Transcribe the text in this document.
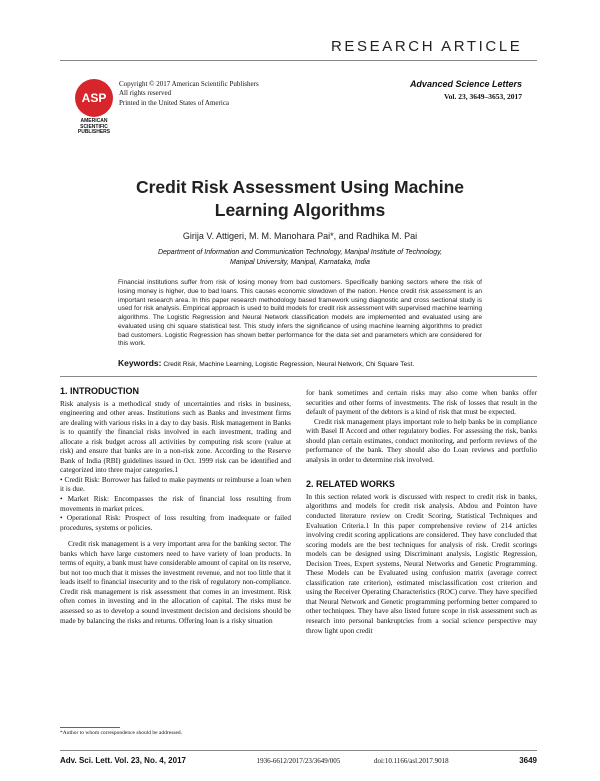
RESEARCH ARTICLE
ASP
AMERICAN
SCIENTIFIC
PUBLISHERS
Copyright © 2017 American Scientific Publishers
All rights reserved
Printed in the United States of America
Advanced Science Letters
Vol. 23, 3649–3653, 2017
Credit Risk Assessment Using Machine
Learning Algorithms
Girija V. Attigeri, M. M. Manohara Pai*, and Radhika M. Pai
Department of Information and Communication Technology, Manipal Institute of Technology,
Manipal University, Manipal, Karnataka, India
Financial institutions suffer from risk of losing money from bad customers. Specifically banking sectors where the risk of losing money is higher, due to bad loans. This causes economic slowdown of the nation. Hence credit risk assessment is an important research area. In this paper research methodology based framework using diagnostic and cross sectional study is used for risk analysis. Empirical approach is used to build models for credit risk assessment with supervised machine learning algorithms. The Logistic Regression and Neural Network classification models are implemented and evaluated using are evaluated using chi square statistical test. This study infers the significance of using machine learning algorithms to predict bad customers. Logistic Regression has shown better performance for the data set and parameters which are considered for this work.
Keywords: Credit Risk, Machine Learning, Logistic Regression, Neural Network, Chi Square Test.
1. INTRODUCTION

Risk analysis is a methodical study of uncertainties and risks in business, engineering and other areas. Institutions such as Banks and investment firms are dealing with various risks in a day to day basis. Risk management in Banks is to quantify the financial risks involved in each investment, trading and allocate a risk budget across all activities by computing risk score (value at risk) and ensure that banks are in a non-risk zone. According to the Reserve Bank of India (RBI) guidelines issued in Oct. 1999 risk can be identified and categorized into three major categories.1

• Credit Risk: Borrower has failed to make payments or reimburse a loan when it is due.

• Market Risk: Encompasses the risk of financial loss resulting from movements in market prices.

• Operational Risk: Prospect of loss resulting from inadequate or failed procedures, systems or policies.

Credit risk management is a very important area for the banking sector. The banks which have large customers need to have variety of loan products. In terms of equity, a bank must have considerable amount of capital on its reserve, but not too much that it misses the investment revenue, and not too little that it leads itself to financial insecurity and to the risk of regulatory non-compliance. Credit risk management is risk assessment that comes in an investment. Risk often comes in investing and in the allocation of capital. The risks must be assessed so as to develop a sound investment decision and decisions should be made by balancing the risks and returns. Offering loan is a risky situation

*Author to whom correspondence should be addressed.

for bank sometimes and certain risks may also come when banks offer securities and other forms of investments. The risk of losses that result in the default of payment of the debtors is a kind of risk that must be expected.

Credit risk management plays important role to help banks be in compliance with Basel II Accord and other regulatory bodies. For assessing the risk, banks should plan certain estimates, conduct monitoring, and perform reviews of the performance of the bank. They should also do Loan reviews and portfolio analysis in order to determine risk involved.

2. RELATED WORKS

In this section related work is discussed with respect to credit risk in banks, algorithms and models for credit risk analysis. Abdou and Pointon have conducted literature review on Credit Scoring, Statistical Techniques and Evaluation Criteria.1 In this paper comprehensive review of 214 articles involving credit scoring applications are considered. They have concluded that scoring models are the best techniques for analysis of risk. Credit scorings models can be designed using Discriminant analysis, Logistic Regression, Decision Trees, Expert systems, Neural Networks and Genetic Programming. These Models can be Evaluated using confusion matrix (average correct classification rate criterion), estimated misclassification cost criterion and using the Receiver Operating Characteristics (ROC) curve. They have specified that Neural Network and Genetic programming performing better compared to other techniques. They have also listed future scope in risk assessment such as research into personal bankruptcies from a social science perspective may throw light upon credit

Adv. Sci. Lett. Vol. 23, No. 4, 2017	1936-6612/2017/23/3649/005	doi:10.1166/asl.2017.9018	3649
